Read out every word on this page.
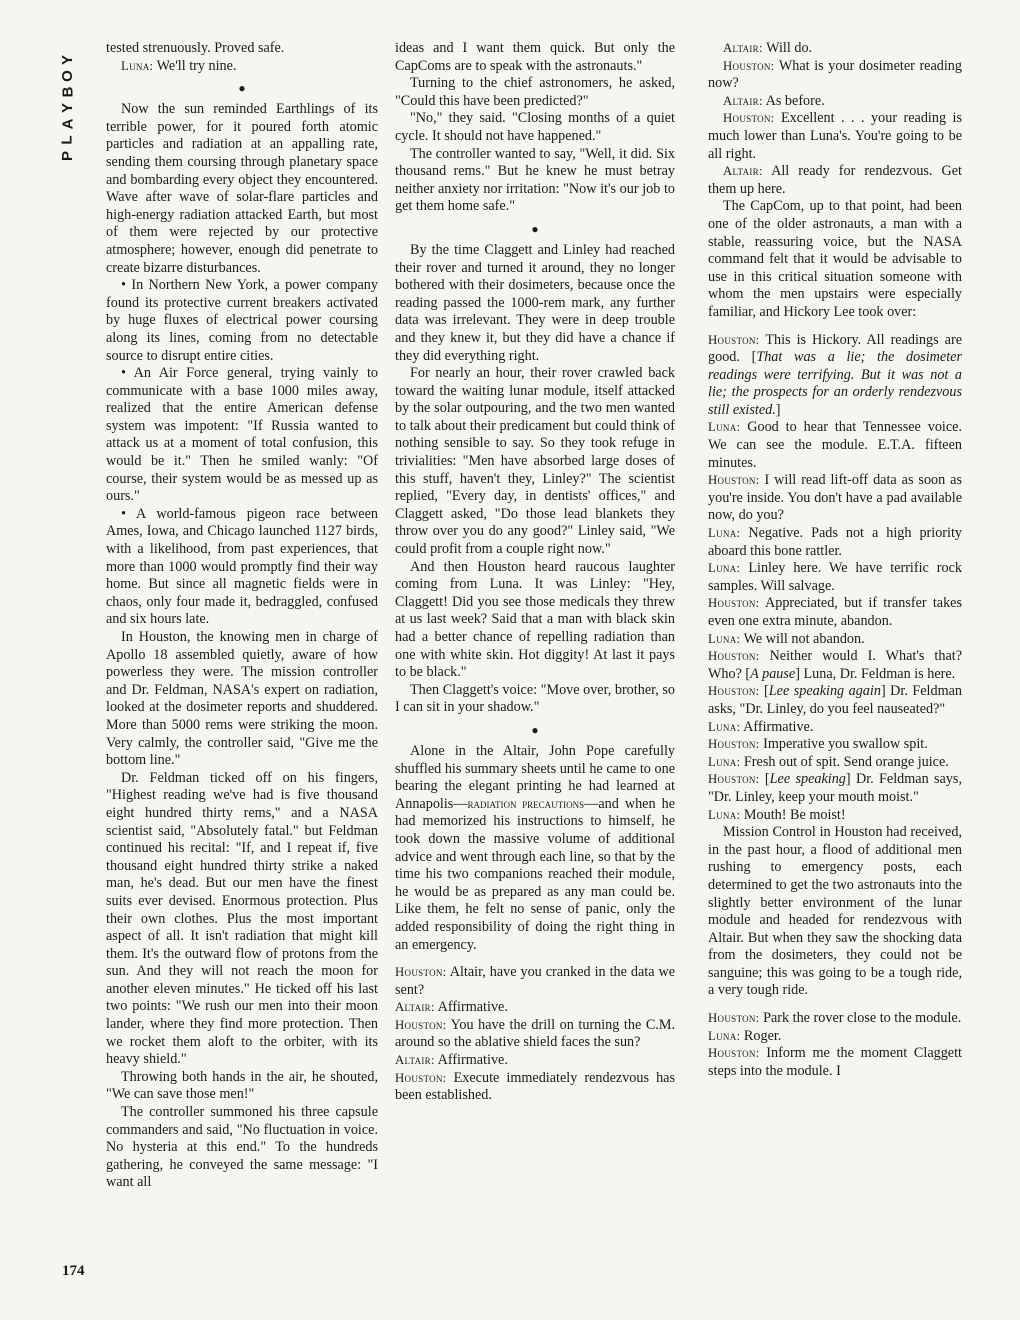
Y
O
B
Y
A
L
P
174

tested strenuously. Proved safe.

Luna: We'll try nine.

●

Now the sun reminded Earthlings of its terrible power, for it poured forth atomic particles and radiation at an appalling rate, sending them coursing through planetary space and bombarding every object they encountered. Wave after wave of solar-flare particles and high-energy radiation attacked Earth, but most of them were rejected by our protective atmosphere; however, enough did penetrate to create bizarre disturbances.

• In Northern New York, a power company found its protective current breakers activated by huge fluxes of electrical power coursing along its lines, coming from no detectable source to disrupt entire cities.

• An Air Force general, trying vainly to communicate with a base 1000 miles away, realized that the entire American defense system was impotent: "If Russia wanted to attack us at a moment of total confusion, this would be it." Then he smiled wanly: "Of course, their system would be as messed up as ours."

• A world-famous pigeon race between Ames, Iowa, and Chicago launched 1127 birds, with a likelihood, from past experiences, that more than 1000 would promptly find their way home. But since all magnetic fields were in chaos, only four made it, bedraggled, confused and six hours late.

In Houston, the knowing men in charge of Apollo 18 assembled quietly, aware of how powerless they were. The mission controller and Dr. Feldman, NASA's expert on radiation, looked at the dosimeter reports and shuddered. More than 5000 rems were striking the moon. Very calmly, the controller said, "Give me the bottom line."

Dr. Feldman ticked off on his fingers, "Highest reading we've had is five thousand eight hundred thirty rems," and a NASA scientist said, "Absolutely fatal." but Feldman continued his recital: "If, and I repeat if, five thousand eight hundred thirty strike a naked man, he's dead. But our men have the finest suits ever devised. Enormous protection. Plus their own clothes. Plus the most important aspect of all. It isn't radiation that might kill them. It's the outward flow of protons from the sun. And they will not reach the moon for another eleven minutes." He ticked off his last two points: "We rush our men into their moon lander, where they find more protection. Then we rocket them aloft to the orbiter, with its heavy shield."

Throwing both hands in the air, he shouted, "We can save those men!"

The controller summoned his three capsule commanders and said, "No fluctuation in voice. No hysteria at this end." To the hundreds gathering, he conveyed the same message: "I want all

ideas and I want them quick. But only the CapComs are to speak with the astronauts."

Turning to the chief astronomers, he asked, "Could this have been predicted?"

"No," they said. "Closing months of a quiet cycle. It should not have happened."

The controller wanted to say, "Well, it did. Six thousand rems." But he knew he must betray neither anxiety nor irritation: "Now it's our job to get them home safe."

●

By the time Claggett and Linley had reached their rover and turned it around, they no longer bothered with their dosimeters, because once the reading passed the 1000-rem mark, any further data was irrelevant. They were in deep trouble and they knew it, but they did have a chance if they did everything right.

For nearly an hour, their rover crawled back toward the waiting lunar module, itself attacked by the solar outpouring, and the two men wanted to talk about their predicament but could think of nothing sensible to say. So they took refuge in trivialities: "Men have absorbed large doses of this stuff, haven't they, Linley?" The scientist replied, "Every day, in dentists' offices," and Claggett asked, "Do those lead blankets they throw over you do any good?" Linley said, "We could profit from a couple right now."

And then Houston heard raucous laughter coming from Luna. It was Linley: "Hey, Claggett! Did you see those medicals they threw at us last week? Said that a man with black skin had a better chance of repelling radiation than one with white skin. Hot diggity! At last it pays to be black."

Then Claggett's voice: "Move over, brother, so I can sit in your shadow."

●

Alone in the Altair, John Pope carefully shuffled his summary sheets until he came to one bearing the elegant printing he had learned at Annapolis—radiation precautions—and when he had memorized his instructions to himself, he took down the massive volume of additional advice and went through each line, so that by the time his two companions reached their module, he would be as prepared as any man could be. Like them, he felt no sense of panic, only the added responsibility of doing the right thing in an emergency.

Houston: Altair, have you cranked in the data we sent?

Altair: Affirmative.

Houston: You have the drill on turning the C.M. around so the ablative shield faces the sun?

Altair: Affirmative.

Houston: Execute immediately rendezvous has been established.

Altair: Will do.

Houston: What is your dosimeter reading now?

Altair: As before.

Houston: Excellent . . . your reading is much lower than Luna's. You're going to be all right.

Altair: All ready for rendezvous. Get them up here.

The CapCom, up to that point, had been one of the older astronauts, a man with a stable, reassuring voice, but the NASA command felt that it would be advisable to use in this critical situation someone with whom the men upstairs were especially familiar, and Hickory Lee took over:

Houston: This is Hickory. All readings are good. [That was a lie; the dosimeter readings were terrifying. But it was not a lie; the prospects for an orderly rendezvous still existed.]

Luna: Good to hear that Tennessee voice. We can see the module. E.T.A. fifteen minutes.

Houston: I will read lift-off data as soon as you're inside. You don't have a pad available now, do you?

Luna: Negative. Pads not a high priority aboard this bone rattler.

Luna: Linley here. We have terrific rock samples. Will salvage.

Houston: Appreciated, but if transfer takes even one extra minute, abandon.

Luna: We will not abandon.

Houston: Neither would I. What's that? Who? [A pause] Luna, Dr. Feldman is here.

Houston: [Lee speaking again] Dr. Feldman asks, "Dr. Linley, do you feel nauseated?"

Luna: Affirmative.

Houston: Imperative you swallow spit.

Luna: Fresh out of spit. Send orange juice.

Houston: [Lee speaking] Dr. Feldman says, "Dr. Linley, keep your mouth moist."

Luna: Mouth! Be moist!

Mission Control in Houston had received, in the past hour, a flood of additional men rushing to emergency posts, each determined to get the two astronauts into the slightly better environment of the lunar module and headed for rendezvous with Altair. But when they saw the shocking data from the dosimeters, they could not be sanguine; this was going to be a tough ride, a very tough ride.

Houston: Park the rover close to the module.

Luna: Roger.

Houston: Inform me the moment Claggett steps into the module. I
